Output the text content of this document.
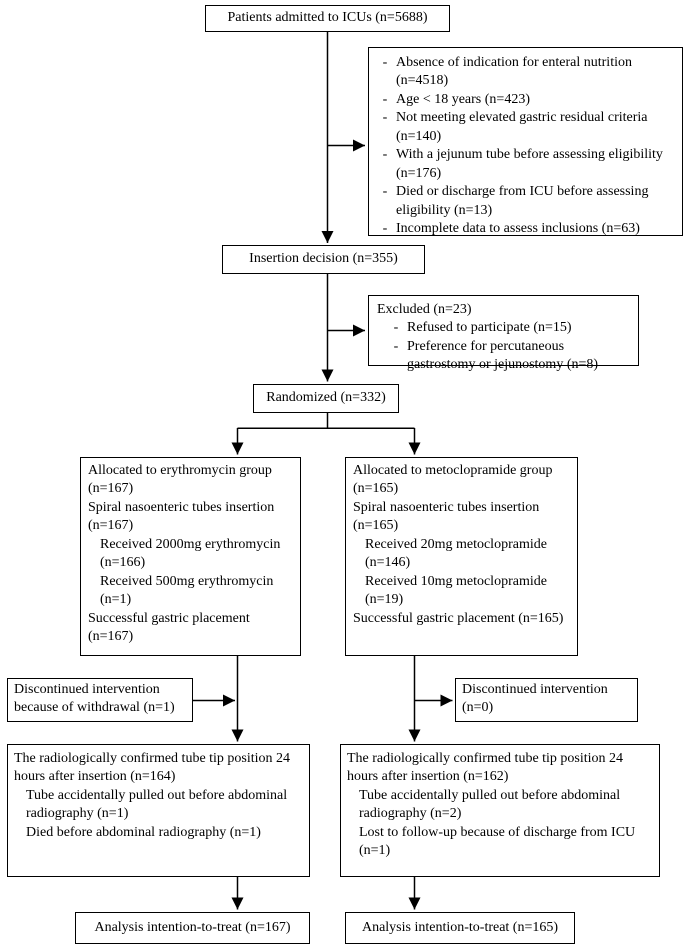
Patients admitted to ICUs (n=5688)
- Absence of indication for enteral nutrition (n=4518)
- Age < 18 years (n=423)
- Not meeting elevated gastric residual criteria (n=140)
- With a jejunum tube before assessing eligibility (n=176)
- Died or discharge from ICU before assessing eligibility (n=13)
- Incomplete data to assess inclusions (n=63)
Insertion decision (n=355)
Excluded (n=23)
- Refused to participate (n=15)
- Preference for percutaneous gastrostomy or jejunostomy (n=8)
Randomized (n=332)
Allocated to erythromycin group (n=167)
Spiral nasoenteric tubes insertion (n=167)
Received 2000mg erythromycin (n=166)
Received 500mg erythromycin (n=1)
Successful gastric placement (n=167)
Allocated to metoclopramide group (n=165)
Spiral nasoenteric tubes insertion (n=165)
Received 20mg metoclopramide (n=146)
Received 10mg metoclopramide (n=19)
Successful gastric placement (n=165)
Discontinued intervention because of withdrawal (n=1)
Discontinued intervention (n=0)
The radiologically confirmed tube tip position 24 hours after insertion (n=164)
Tube accidentally pulled out before abdominal radiography (n=1)
Died before abdominal radiography (n=1)
The radiologically confirmed tube tip position 24 hours after insertion (n=162)
Tube accidentally pulled out before abdominal radiography (n=2)
Lost to follow-up because of discharge from ICU (n=1)
Analysis intention-to-treat (n=167)	Analysis intention-to-treat (n=165)
